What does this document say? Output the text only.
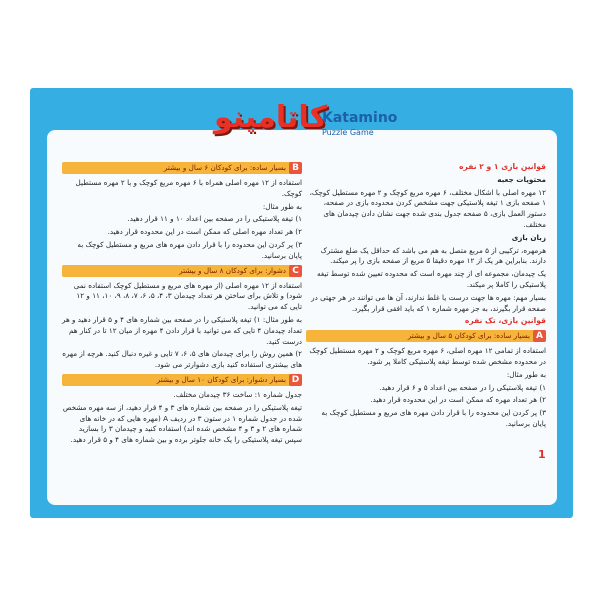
کاتامینو
Katamino
Puzzle Game

قوانین بازی ۱ و ۲ نفره

محتویات جعبه

۱۲ مهره اصلی با اشکال مختلف، ۶ مهره مربع کوچک و ۲ مهره مستطیل کوچک، ۱ صفحه بازی ۱ تیغه پلاستیکی جهت مشخص کردن محدوده بازی در صفحه، دستور العمل بازی، ۵ صفحه جدول بندی شده جهت نشان دادن چیدمان های مختلف.

زبان بازی

هرمهره، ترکیبی از ۵ مربع متصل به هم می باشد که حداقل یک ضلع مشترک دارند. بنابراین هر یک از ۱۲ مهره دقیقا ۵ مربع از صفحه بازی را پر میکند.

یک چیدمان، مجموعه ای از چند مهره است که محدوده تعیین شده توسط تیغه پلاستیکی را کاملا پر میکند.

بسیار مهم: مهره ها جهت درست یا غلط ندارند، آن ها می توانند در هر جهتی در صفحه قرار بگیرند، به جز مهره شماره ۱ که باید افقی قرار بگیرد.

قوانین بازی، تک نفره

A
بسیار ساده: برای کودکان ۵ سال و بیشتر

استفاده از تمامی ۱۲ مهره اصلی، ۶ مهره مربع کوچک و ۲ مهره مستطیل کوچک در محدوده مشخص شده توسط تیغه پلاستیکی کاملا پر شود.

به طور مثال:

۱) تیغه پلاستیکی را در صفحه بین اعداد ۵ و ۶ قرار دهید.

۲) هر تعداد مهره که ممکن است در این محدوده قرار دهید.

۳) پر کردن این محدوده را با قرار دادن مهره های مربع و مستطیل کوچک به پایان برسانید.

B
بسیار ساده: برای کودکان ۶ سال و بیشتر

استفاده از ۱۲ مهره اصلی همراه با ۶ مهره مربع کوچک و با ۲ مهره مستطیل کوچک.

به طور مثال:

۱) تیغه پلاستیکی را در صفحه بین اعداد ۱۰ و ۱۱ قرار دهید.

۲) هر تعداد مهره اصلی که ممکن است در این محدوده قرار دهید.

۳) پر کردن این محدوده را با قرار دادن مهره های مربع و مستطیل کوچک به پایان برسانید.

C
دشوار: برای کودکان ۸ سال و بیشتر

استفاده از ۱۲ مهره اصلی (از مهره های مربع و مستطیل کوچک استفاده نمی شود) و تلاش برای ساختن هر تعداد چیدمان ۳، ۴، ۵، ۶، ۷، ۸، ۹، ۱۰، ۱۱ و ۱۲ تایی که می توانید.

به طور مثال: ۱) تیغه پلاستیکی را در صفحه بین شماره های ۴ و ۵ قرار دهید و هر تعداد چیدمان ۴ تایی که می توانید با قرار دادن ۴ مهره از میان ۱۲ تا در کنار هم درست کنید.

۲) همین روش را برای چیدمان های ۵، ۶، ۷ تایی و غیره دنبال کنید. هرچه از مهره های بیشتری استفاده کنید بازی دشوارتر می شود.

D
بسیار دشوار: برای کودکان ۱۰ سال و بیشتر

جدول شماره ۱: ساخت ۳۶ چیدمان مختلف.

تیغه پلاستیکی را در صفحه بین شماره های ۳ و ۴ قرار دهید، از سه مهره مشخص شده در جدول شماره ۱ در ستون ۳ در ردیف A (مهره هایی که در خانه های شماره های ۲ و ۳ و ۴ مشخص شده اند) استفاده کنید و چیدمان ۳ را بسازید سپس تیغه پلاستیکی را یک خانه جلوتر برده و بین شماره های ۴ و ۵ قرار دهید.

1
